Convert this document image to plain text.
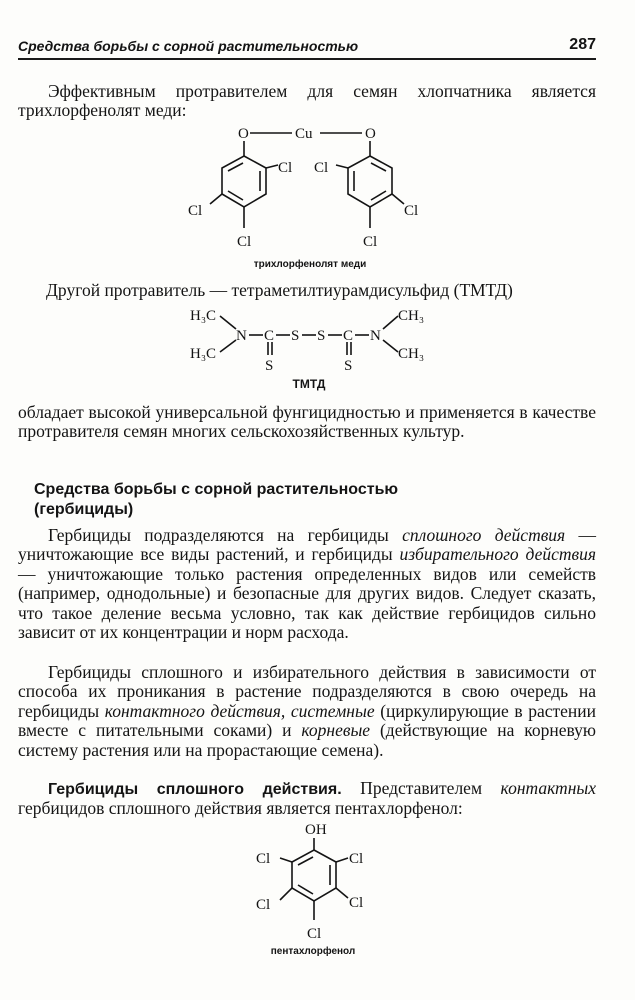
Средства борьбы с сорной растительностью	287

Эффективным протравителем для семян хлопчатника является трихлорфенолят меди:

O	Cu	O
Cl
Cl
Cl
Cl
Cl
Cl
трихлорфенолят меди

Другой протравитель — тетраметилтиурамдисульфид (ТМТД)

H₃C
H₃C
N C
S
S S C
S
N
CH₃
CH₃
ТМТД

обладает высокой универсальной фунгицидностью и применяется в качестве протравителя семян многих сельскохозяйственных культур.

Средства борьбы с сорной растительностью
(гербициды)

Гербициды подразделяются на гербициды сплошного действия — уничтожающие все виды растений, и гербициды избирательного действия — уничтожающие только растения определенных видов или семейств (например, однодольные) и безопасные для других видов. Следует сказать, что такое деление весьма условно, так как действие гербицидов сильно зависит от их концентрации и норм расхода.

Гербициды сплошного и избирательного действия в зависимости от способа их проникания в растение подразделяются в свою очередь на гербициды контактного действия, системные (циркулирующие в растении вместе с питательными соками) и корневые (действующие на корневую систему растения или на прорастающие семена).

Гербициды сплошного действия. Представителем контактных гербицидов сплошного действия является пентахлорфенол:

OH
Cl	Cl
Cl	Cl
Cl
пентахлорфенол
